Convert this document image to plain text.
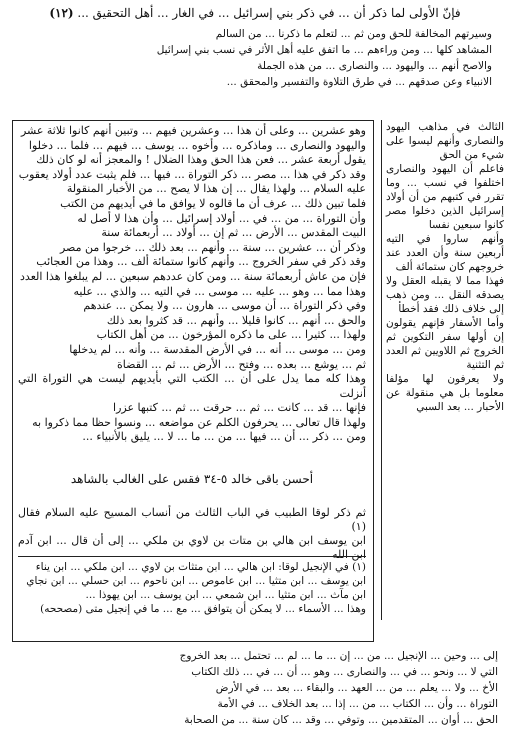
فإنّ الأولى لما ذكر أن ... في ذكر بني إسرائيل ... في الغار ... أهل التحقيق ... (١٢)

وسيرتهم المخالفة للحق ومن ثم ... لتعلم ما ذكرنا ... من السالم

المشاهد كلها ... ومن وراءهم ... ما اتفق عليه أهل الأثر في نسب بني إسرائيل

والاصح أنهم ... واليهود ... والنصارى ... من هذه الجملة

الانبياء وعن صدقهم ... في طرق التلاوة والتفسير والمحقق ...

الثالث في مذاهب اليهود والنصارى وأنهم ليسوا على شيء من الحق

فاعلم أن اليهود والنصارى اختلفوا في نسب ... وما تقرر في كتبهم من أن أولاد إسرائيل الذين دخلوا مصر كانوا سبعين نفسا

وأنهم ساروا في التيه أربعين سنة وأن العدد عند خروجهم كان ستمائة ألف

فهذا مما لا يقبله العقل ولا يصدقه النقل ... ومن ذهب إلى خلاف ذلك فقد أخطأ

وأما الأسفار فإنهم يقولون إن أولها سفر التكوين ثم الخروج ثم اللاويين ثم العدد ثم التثنية

ولا يعرفون لها مؤلفا معلوما بل هي منقولة عن الأحبار ... بعد السبي

وهو عشرين ... وعلى أن هذا ... وعشرين فيهم ... وتبين أنهم كانوا ثلاثة عشر

واليهود والنصارى ... وماذكره ... وأخوه ... يوسف ... فيهم ... فلما ... دخلوا

يقول أربعة عشر ... فعن هذا الحق وهذا الضلال ! والمعجز أنه لو كان ذلك

وقد ذكر في هذا ... مصر ... ذكر التوراة ... فيها ... فلم يثبت عدد أولاد يعقوب

عليه السلام ... ولهذا يقال ... إن هذا لا يصح ... من الأخبار المنقولة

فلما تبين ذلك ... عرف أن ما قالوه لا يوافق ما في أيديهم من الكتب

وأن التوراة ... من ... في ... أولاد إسرائيل ... وأن هذا لا أصل له

البيت المقدس ... الأرض ... ثم إن ... أولاد ... أربعمائة سنة

وذكر أن ... عشرين ... سنة ... وأنهم ... بعد ذلك ... خرجوا من مصر

وقد ذكر في سفر الخروج ... وأنهم كانوا ستمائة ألف ... وهذا من العجائب

فإن من عاش أربعمائة سنة ... ومن كان عددهم سبعين ... لم يبلغوا هذا العدد

وهذا مما ... وهو ... عليه ... موسى ... في التيه ... والذي ... عليه

وفي ذكر التوراة ... أن موسى ... هارون ... ولا يمكن ... عندهم

والحق ... أنهم ... كانوا قليلا ... وأنهم ... قد كثروا بعد ذلك

ولهذا ... كثيرا ... على ما ذكره المؤرخون ... من أهل الكتاب

ومن ... موسى ... أنه ... في الأرض المقدسة ... وأنه ... لم يدخلها

ثم ... يوشع ... بعده ... وفتح ... الأرض ... ثم ... القضاة

وهذا كله مما يدل على أن ... الكتب التي بأيديهم ليست هي التوراة التي أنزلت

فإنها ... قد ... كانت ... ثم ... حرقت ... ثم ... كتبها عزرا

ولهذا قال تعالى ... يحرفون الكلم عن مواضعه ... ونسوا حظا مما ذكروا به

ومن ... ذكر ... أن ... فيها ... من ... ما ... لا ... يليق بالأنبياء ...

أحسن باقى خالد ٥-٣٤ فقس على الغالب بالشاهد

ثم ذكر لوقا الطبيب في الباب الثالث من أنساب المسيح عليه السلام فقال (١)

ابن يوسف ابن هالي بن متات بن لاوي بن ملكي ... إلى أن قال ... ابن آدم ابن الله

(١) في الإنجيل لوقا: ابن هالي ... ابن متثات بن لاوي ... ابن ملكي ... ابن يناء

ابن يوسف ... ابن متثيا ... ابن عاموص ... ابن ناحوم ... ابن حسلي ... ابن نجاي

ابن مآث ... ابن متثيا ... ابن شمعي ... ابن يوسف ... ابن يهوذا ...

وهذا ... الأسماء ... لا يمكن أن يتوافق ... مع ... ما في إنجيل متى (مصححه)

إلى ... وحين ... الإنجيل ... من ... إن ... ما ... لم ... تحتمل ... بعد الخروج

التي لا ... ونحو ... في ... والنصارى ... وهو ... أن ... في ... ذلك الكتاب

الأخ ... ولا ... يعلم ... من ... العهد ... والبقاء ... بعد ... في الأرض

التوراة ... وأن ... الكتاب ... من ... إذا ... بعد الخلاف ... في الأمة

الحق ... أوان ... المتقدمين ... وتوفي ... وقد ... كان سنة ... من الصحابة
